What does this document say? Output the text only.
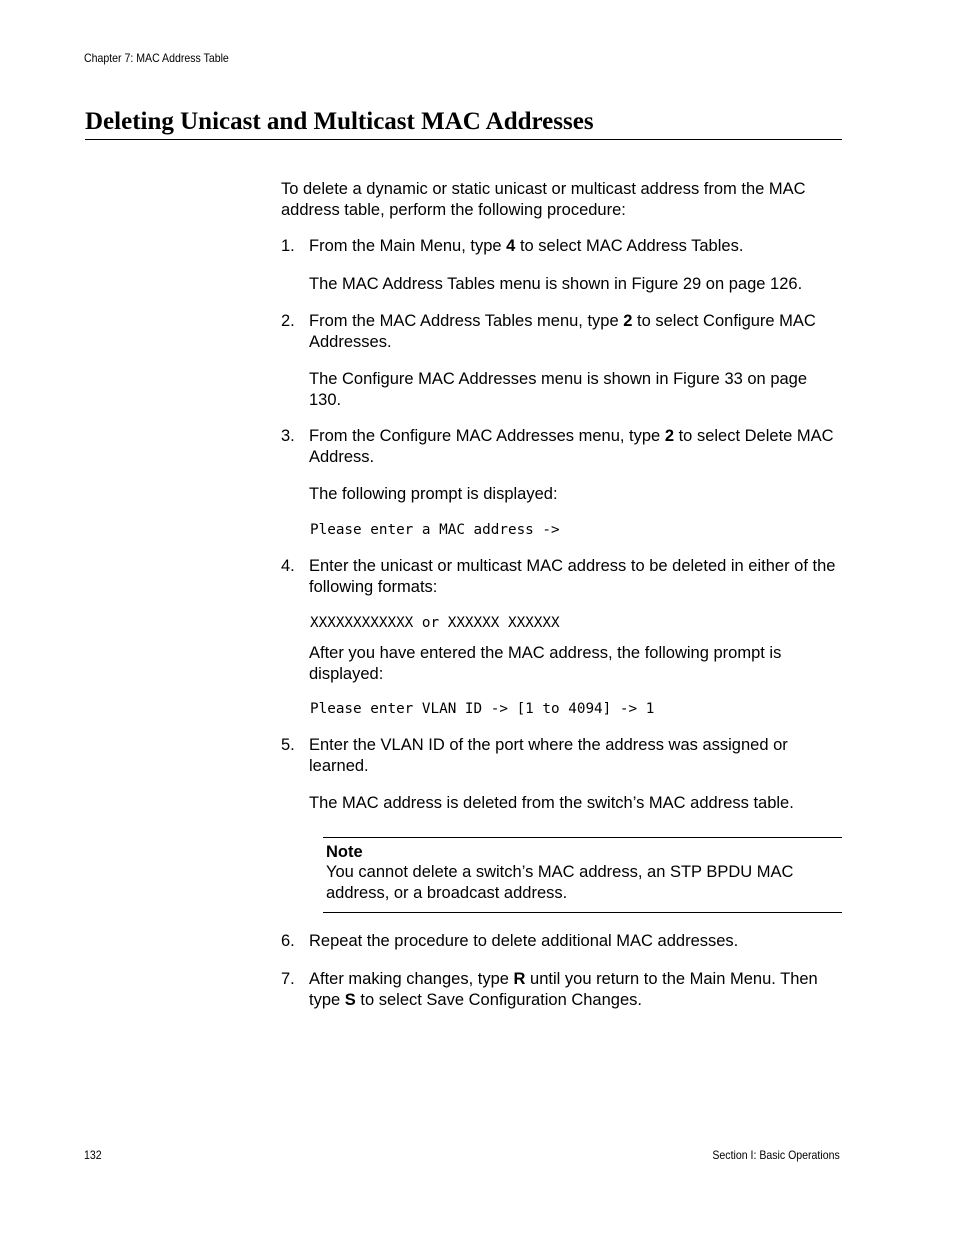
Chapter 7: MAC Address Table
Deleting Unicast and Multicast MAC Addresses

To delete a dynamic or static unicast or multicast address from the MAC address table, perform the following procedure:

1. From the Main Menu, type 4 to select MAC Address Tables.

The MAC Address Tables menu is shown in Figure 29 on page 126.

2. From the MAC Address Tables menu, type 2 to select Configure MAC Addresses.

The Configure MAC Addresses menu is shown in Figure 33 on page 130.

3. From the Configure MAC Addresses menu, type 2 to select Delete MAC Address.

The following prompt is displayed:

Please enter a MAC address ->
4. Enter the unicast or multicast MAC address to be deleted in either of the following formats:
XXXXXXXXXXXX or XXXXXX XXXXXX

After you have entered the MAC address, the following prompt is displayed:

Please enter VLAN ID -> [1 to 4094] -> 1
5. Enter the VLAN ID of the port where the address was assigned or learned.

The MAC address is deleted from the switch’s MAC address table.

Note
You cannot delete a switch’s MAC address, an STP BPDU MAC address, or a broadcast address.
6. Repeat the procedure to delete additional MAC addresses.
7. After making changes, type R until you return to the Main Menu. Then type S to select Save Configuration Changes.
132	Section I: Basic Operations
